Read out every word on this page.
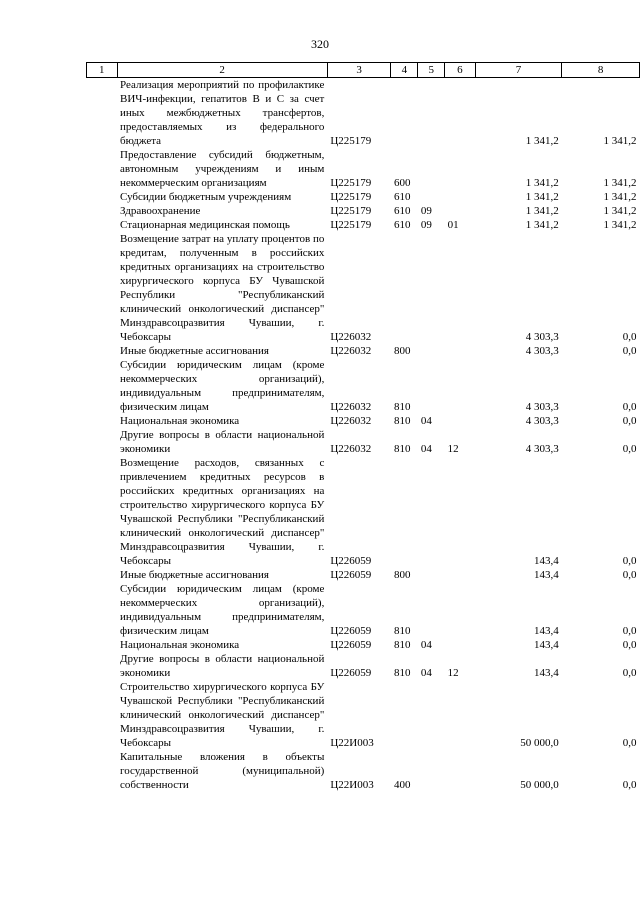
320
1	2	3	4	5	6	7	8
	Реализация мероприятий по профилактике ВИЧ-инфекции, гепатитов В и С за счет иных межбюджетных трансфертов, предоставляемых из федерального бюджета	Ц225179				1 341,2	1 341,2
	Предоставление субсидий бюджетным, автономным учреждениям и иным некоммерческим организациям	Ц225179	600			1 341,2	1 341,2
	Субсидии бюджетным учреждениям	Ц225179	610			1 341,2	1 341,2
	Здравоохранение	Ц225179	610	09		1 341,2	1 341,2
	Стационарная медицинская помощь	Ц225179	610	09	01	1 341,2	1 341,2
	Возмещение затрат на уплату процентов по кредитам, полученным в российских кредитных организациях на строительство хирургического корпуса БУ Чувашской Республики "Республиканский клинический онкологический диспансер" Минздравсоцразвития Чувашии, г. Чебоксары	Ц226032				4 303,3	0,0
	Иные бюджетные ассигнования	Ц226032	800			4 303,3	0,0
	Субсидии юридическим лицам (кроме некоммерческих организаций), индивидуальным предпринимателям, физическим лицам	Ц226032	810			4 303,3	0,0
	Национальная экономика	Ц226032	810	04		4 303,3	0,0
	Другие вопросы в области национальной экономики	Ц226032	810	04	12	4 303,3	0,0
	Возмещение расходов, связанных с привлечением кредитных ресурсов в российских кредитных организациях на строительство хирургического корпуса БУ Чувашской Республики "Республиканский клинический онкологический диспансер" Минздравсоцразвития Чувашии, г. Чебоксары	Ц226059				143,4	0,0
	Иные бюджетные ассигнования	Ц226059	800			143,4	0,0
	Субсидии юридическим лицам (кроме некоммерческих организаций), индивидуальным предпринимателям, физическим лицам	Ц226059	810			143,4	0,0
	Национальная экономика	Ц226059	810	04		143,4	0,0
	Другие вопросы в области национальной экономики	Ц226059	810	04	12	143,4	0,0
	Строительство хирургического корпуса БУ Чувашской Республики "Республиканский клинический онкологический диспансер" Минздравсоцразвития Чувашии, г. Чебоксары	Ц22И003				50 000,0	0,0
	Капитальные вложения в объекты государственной (муниципальной) собственности	Ц22И003	400			50 000,0	0,0
